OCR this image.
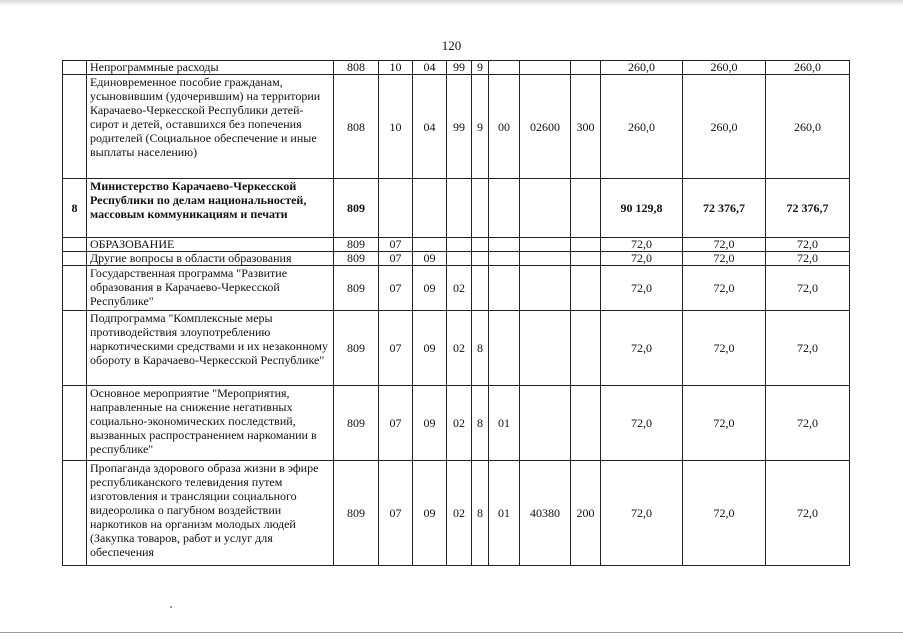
120
	Непрограммные расходы	808	10	04	99	9				260,0	260,0	260,0
	Единовременное пособие гражданам, усыновившим (удочерившим) на территории Карачаево-Черкесской Республики детей-сирот и детей, оставшихся без попечения родителей (Социальное обеспечение и иные выплаты населению)	808	10	04	99	9	00	02600	300	260,0	260,0	260,0
8	Министерство Карачаево-Черкесской Республики по делам национальностей, массовым коммуникациям и печати	809								90 129,8	72 376,7	72 376,7
	ОБРАЗОВАНИЕ	809	07							72,0	72,0	72,0
	Другие вопросы в области образования	809	07	09						72,0	72,0	72,0
	Государственная программа "Развитие образования в Карачаево-Черкесской Республике"	809	07	09	02					72,0	72,0	72,0
	Подпрограмма "Комплексные меры противодействия злоупотреблению наркотическими средствами и их незаконному обороту в Карачаево-Черкесской Республике"	809	07	09	02	8				72,0	72,0	72,0
	Основное мероприятие "Мероприятия, направленные на снижение негативных социально-экономических последствий, вызванных распространением наркомании в республике"	809	07	09	02	8	01			72,0	72,0	72,0
	Пропаганда здорового образа жизни в эфире республиканского телевидения путем изготовления и трансляции социального видеоролика о пагубном воздействии наркотиков на организм молодых людей (Закупка товаров, работ и услуг для обеспечения	809	07	09	02	8	01	40380	200	72,0	72,0	72,0
